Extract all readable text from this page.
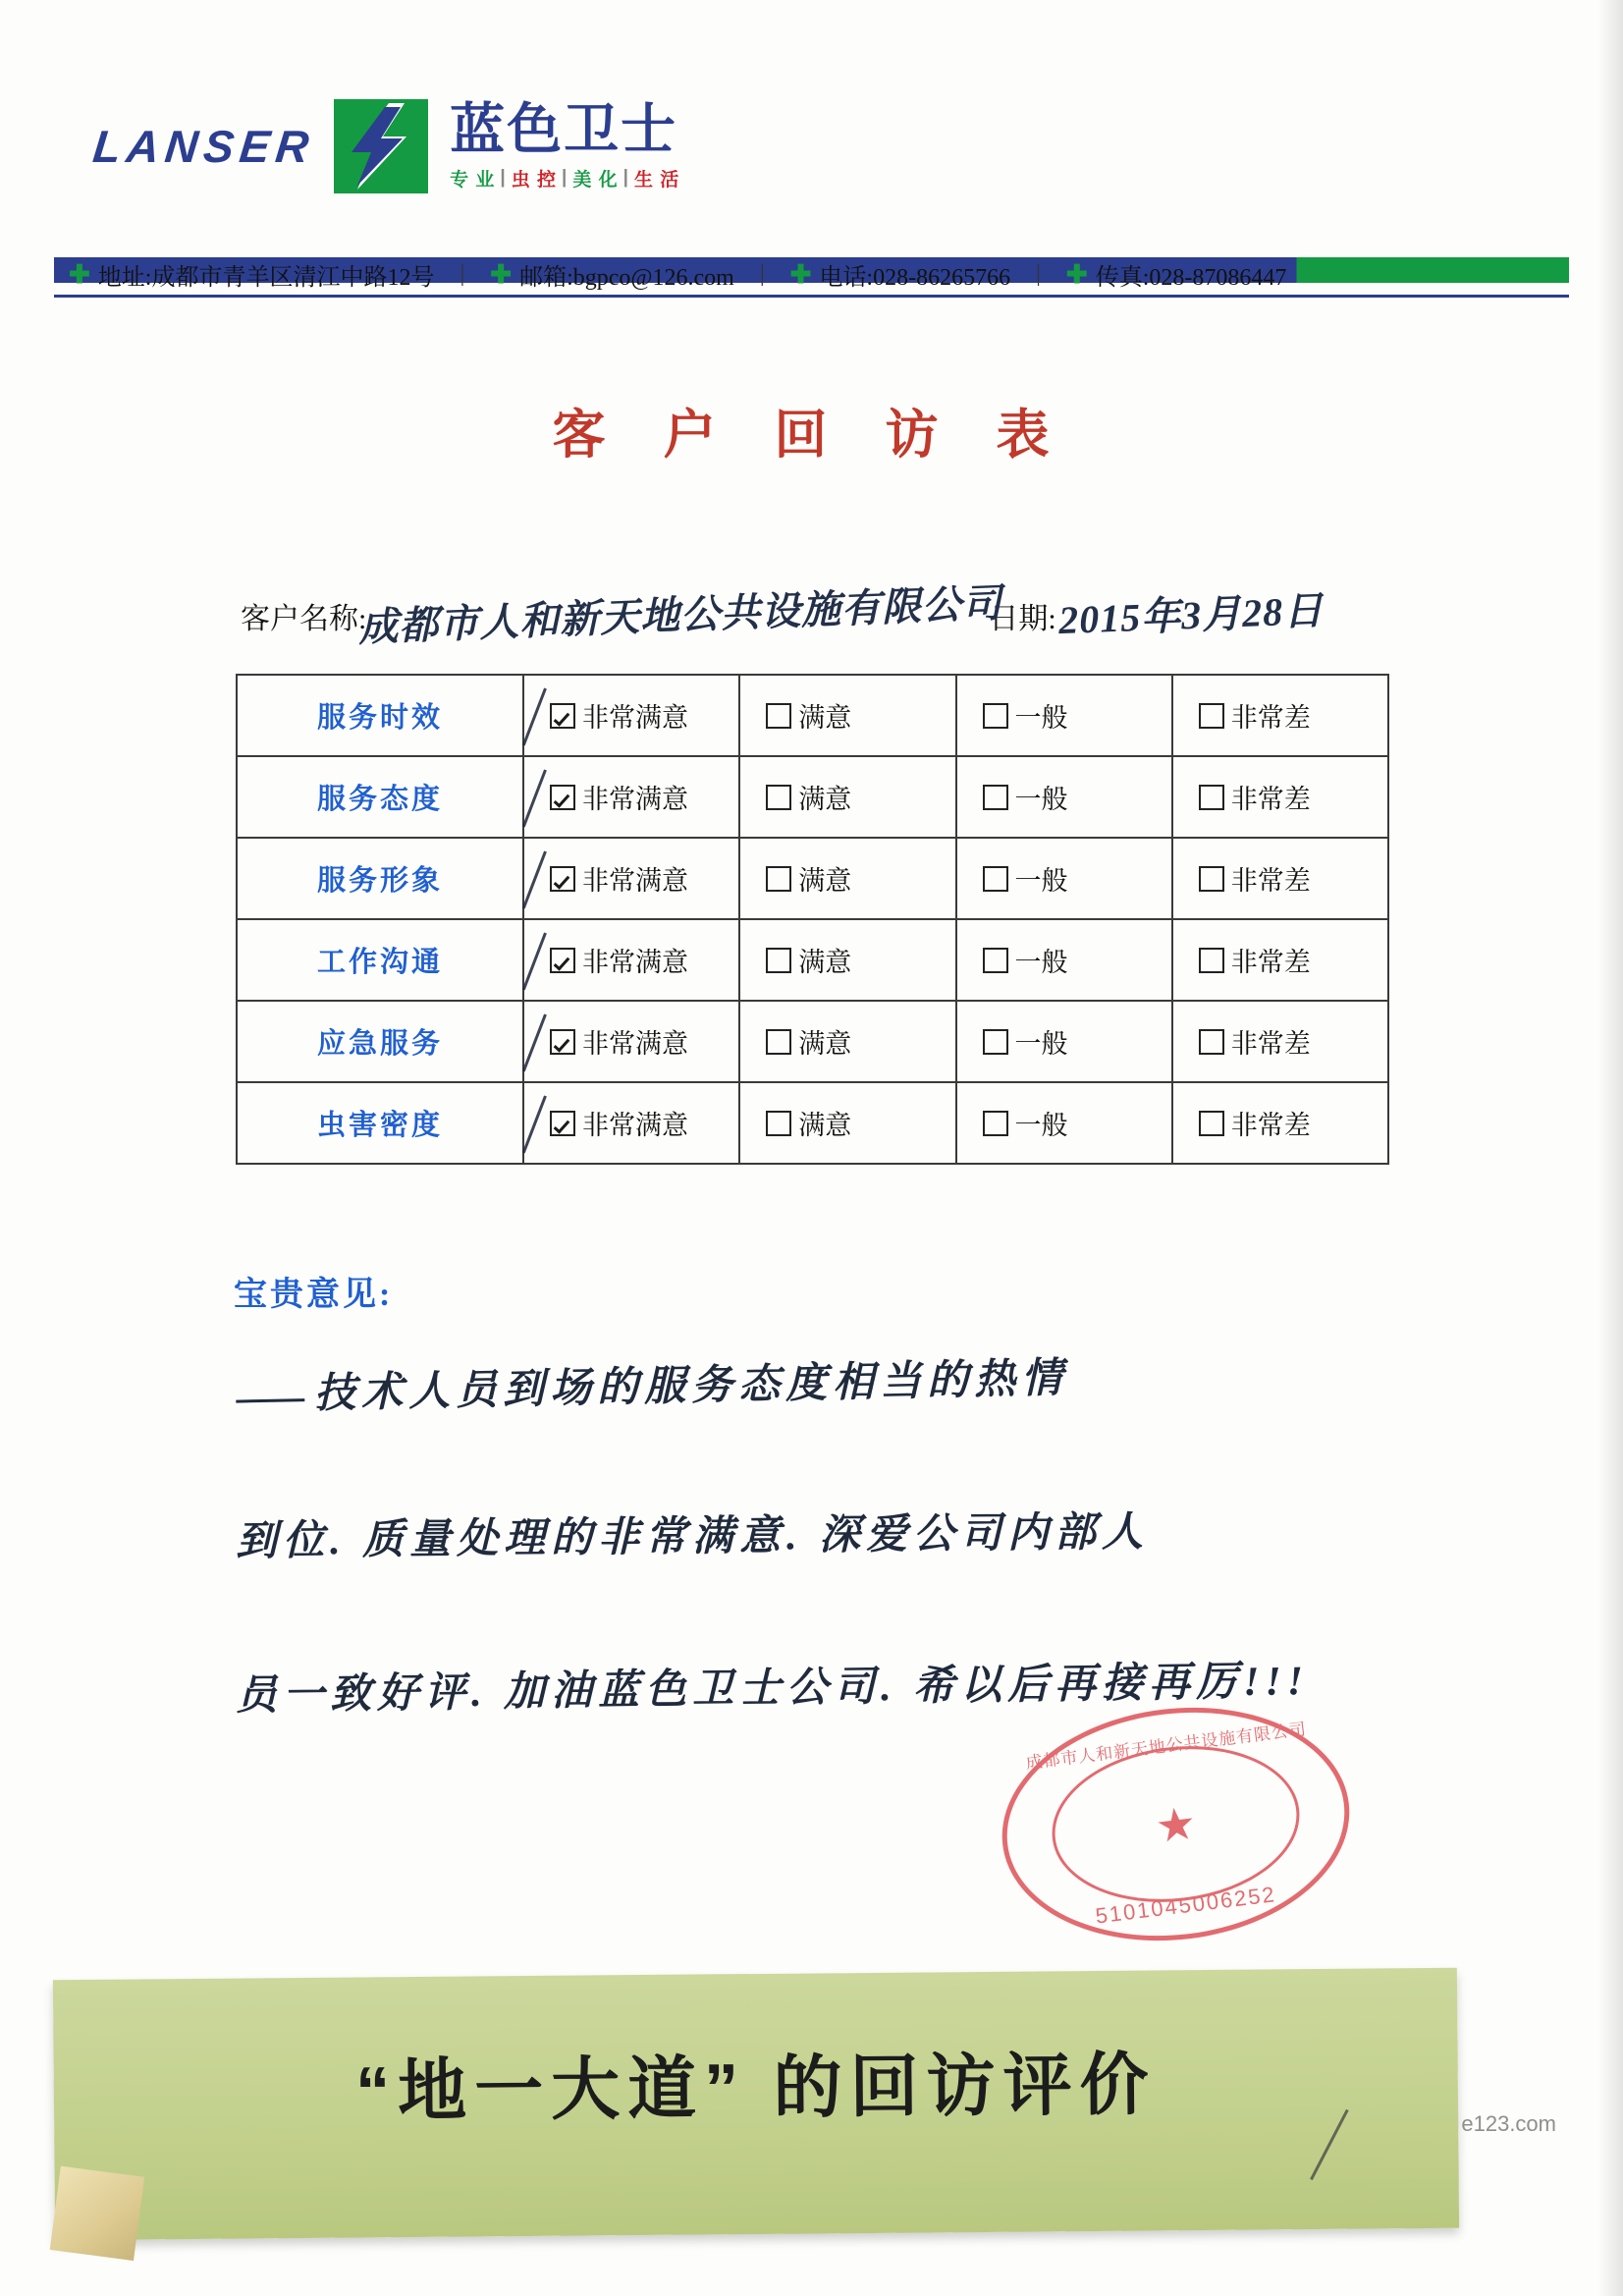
LANSER 蓝色卫士
专 业 | 虫 控 | 美 化 | 生 活
✚ 地址:成都市青羊区清江中路12号 | ✚ 邮箱:bgpco@126.com | ✚ 电话:028-86265766 | ✚ 传真:028-87086447
客 户 回 访 表
客户名称:
成都市人和新天地公共设施有限公司
日期: 2015年3月28日
服务时效	非常满意	满意	一般	非常差

服务态度	非常满意	满意	一般	非常差

服务形象	非常满意	满意	一般	非常差

工作沟通	非常满意	满意	一般	非常差

应急服务	非常满意	满意	一般	非常差

虫害密度	非常满意	满意	一般	非常差
宝贵意见:
技术人员到场的服务态度相当的热情
到位. 质量处理的非常满意. 深爱公司内部人
员一致好评. 加油蓝色卫士公司. 希以后再接再厉!!!
成都市人和新天地公共设施有限公司
★
5101045006252
“地一大道” 的回访评价	e123.com
